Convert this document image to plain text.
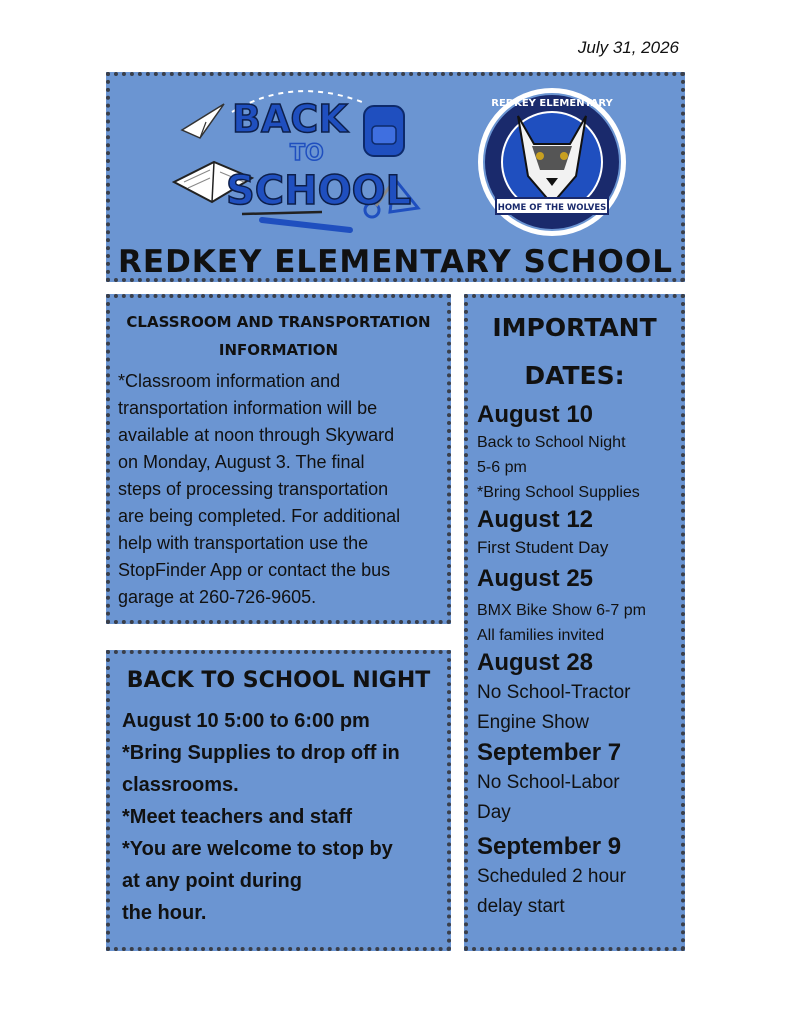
July 31, 2026
BACK
TO
SCHOOL	HOME OF THE WOLVES
REDKEY ELEMENTARY
REDKEY ELEMENTARY SCHOOL
CLASSROOM AND TRANSPORTATION
INFORMATION
*Classroom information and
transportation information will be
available at noon through Skyward
on Monday, August 3. The final
steps of processing transportation
are being completed. For additional
help with transportation use the
StopFinder App or contact the bus
garage at 260-726-9605.
BACK TO SCHOOL NIGHT
August 10 5:00 to 6:00 pm
*Bring Supplies to drop off in
classrooms.
*Meet teachers and staff
*You are welcome to stop by
at any point during
the hour.
IMPORTANT
DATES:
August 10
Back to School Night
5-6 pm
*Bring School Supplies
August 12
First Student Day
August 25
BMX Bike Show 6-7 pm
All families invited
August 28
No School-Tractor
Engine Show
September 7
No School-Labor
Day
September 9
Scheduled 2 hour
delay start
